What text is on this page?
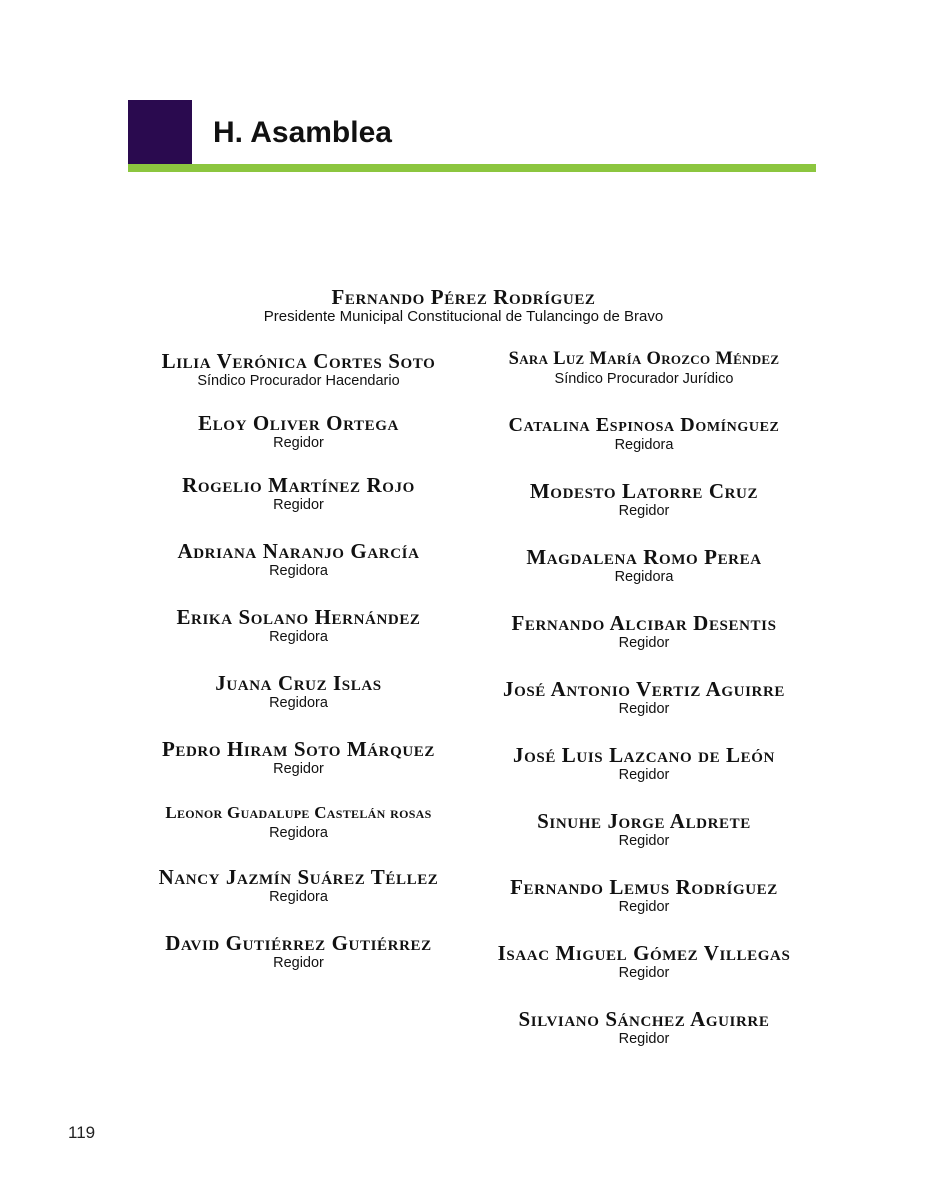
H. Asamblea
Fernando Pérez Rodríguez
Presidente Municipal Constitucional de Tulancingo de Bravo
Lilia Verónica Cortes Soto
Síndico Procurador Hacendario
Eloy Oliver Ortega
Regidor
Rogelio Martínez Rojo
Regidor
Adriana Naranjo García
Regidora
Erika Solano Hernández
Regidora
Juana Cruz Islas
Regidora
Pedro Hiram Soto Márquez
Regidor
Leonor Guadalupe Castelán rosas
Regidora
Nancy Jazmín Suárez Téllez
Regidora
David Gutiérrez Gutiérrez
Regidor
Sara Luz María Orozco Méndez
Síndico Procurador Jurídico
Catalina Espinosa Domínguez
Regidora
Modesto Latorre Cruz
Regidor
Magdalena Romo Perea
Regidora
Fernando Alcibar Desentis
Regidor
José Antonio Vertiz Aguirre
Regidor
José Luis Lazcano de León
Regidor
Sinuhe Jorge Aldrete
Regidor
Fernando Lemus Rodríguez
Regidor
Isaac Miguel Gómez Villegas
Regidor
Silviano Sánchez Aguirre
Regidor
119
